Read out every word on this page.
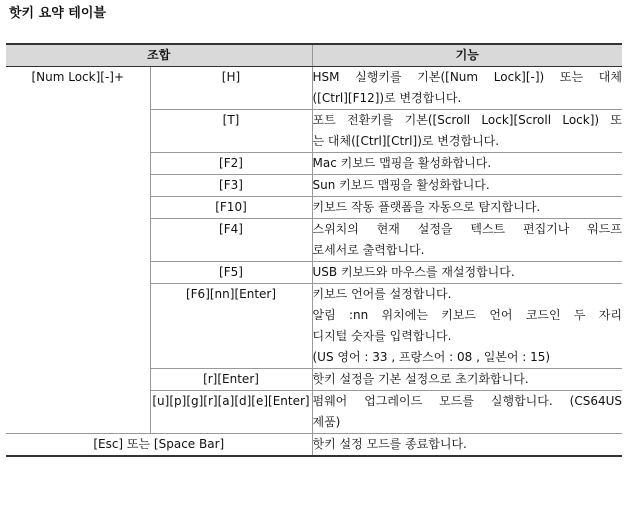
핫키 요약 테이블
조합		기능
[Num Lock][-]+	[H]	HSM 실행키를 기본([Num Lock][-]) 또는 대체
([Ctrl][F12])로 변경합니다.

	[T]	포트 전환키를 기본([Scroll Lock][Scroll Lock]) 또
는 대체([Ctrl][Ctrl])로 변경합니다.

	[F2]	Mac 키보드 맵핑을 활성화합니다.

	[F3]	Sun 키보드 맵핑을 활성화합니다.

	[F10]	키보드 작동 플랫폼을 자동으로 탐지합니다.

	[F4]	스위치의 현재 설정을 텍스트 편집기나 워드프
로세서로 출력합니다.

	[F5]	USB 키보드와 마우스를 재설정합니다.

	[F6][nn][Enter]	키보드 언어를 설정합니다.
알림 :nn 위치에는 키보드 언어 코드인 두 자리
디지털 숫자를 입력합니다.
(US 영어 : 33 , 프랑스어 : 08 , 일본어 : 15)

	[r][Enter]	핫키 설정을 기본 설정으로 초기화합니다.

	[u][p][g][r][a][d][e][Enter]	펌웨어 업그레이드 모드를 실행합니다. (CS64US
제품)

[Esc] 또는 [Space Bar]		핫키 설정 모드를 종료합니다.
